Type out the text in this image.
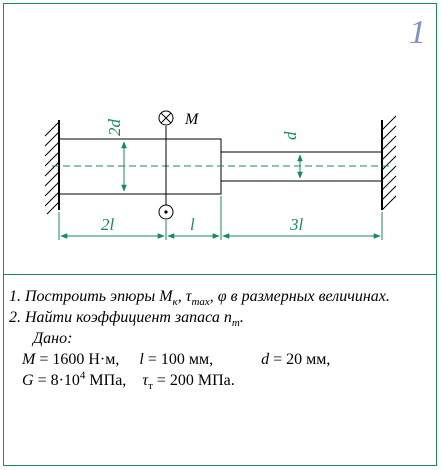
1
M
2d	d
2l	l	3l
1. Построить эпюры $M_к$, $\tau_{max}$, φ в размерных величинах.
2. Найти коэффициент запаса $n_т$.
Дано:
M = 1600 Н·м,     l = 100 мм,            d = 20 мм,
$G = 8\cdot 10^4$ МПа,    $\tau_т = 200$ МПа.
